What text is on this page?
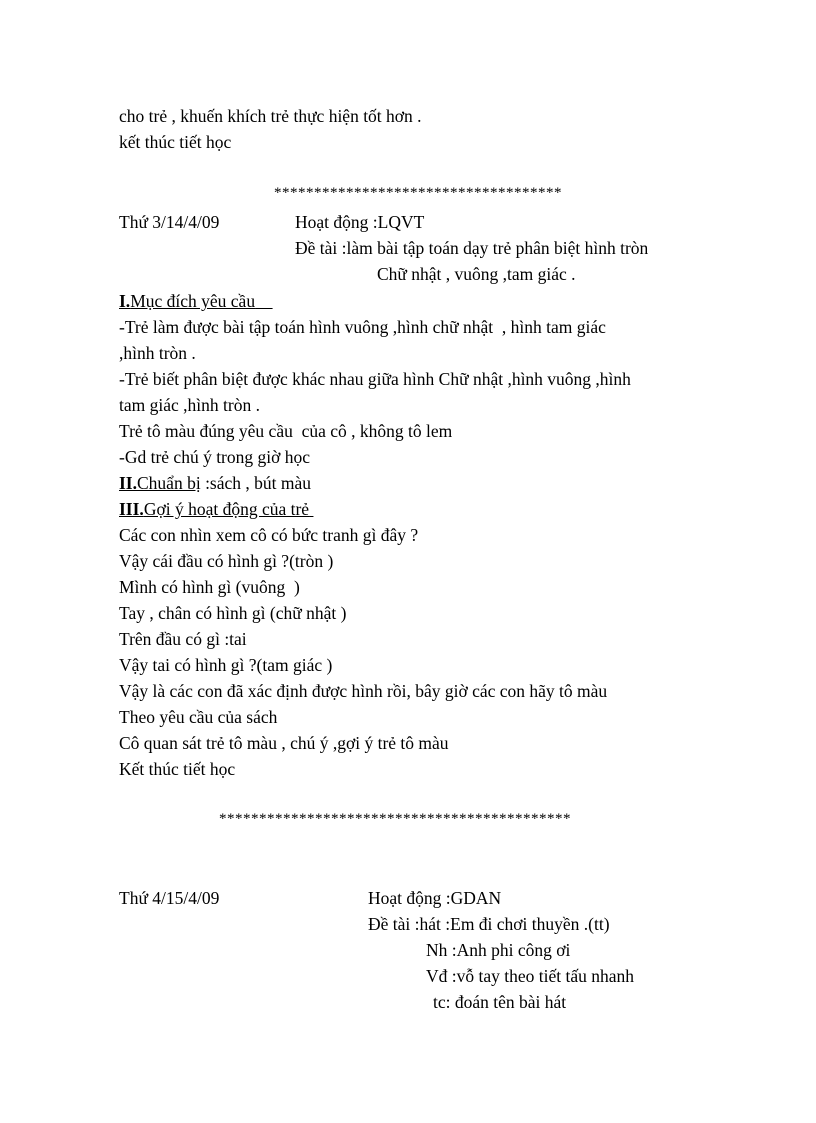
cho trẻ , khuến khích trẻ thực hiện tốt hơn .
kết thúc tiết học
************************************
Thứ 3/14/4/09	Hoạt động :LQVT
Đề tài :làm bài tập toán dạy trẻ phân biệt hình tròn
Chữ nhật , vuông ,tam giác .
I.Mục đích yêu cầu
-Trẻ làm được bài tập toán hình vuông ,hình chữ nhật  , hình tam giác
,hình tròn .
-Trẻ biết phân biệt được khác nhau giữa hình Chữ nhật ,hình vuông ,hình
tam giác ,hình tròn .
Trẻ tô màu đúng yêu cầu  của cô , không tô lem
-Gd trẻ chú ý trong giờ học
II.Chuẩn bị :sách , bút màu
III.Gợi ý hoạt động của trẻ
Các con nhìn xem cô có bức tranh gì đây ?
Vậy cái đầu có hình gì ?(tròn )
Mình có hình gì (vuông  )
Tay , chân có hình gì (chữ nhật )
Trên đầu có gì :tai
Vậy tai có hình gì ?(tam giác )
Vậy là các con đã xác định được hình rồi, bây giờ các con hãy tô màu
Theo yêu cầu của sách
Cô quan sát trẻ tô màu , chú ý ,gợi ý trẻ tô màu
Kết thúc tiết học
********************************************
Thứ 4/15/4/09	Hoạt động :GDAN
Đề tài :hát :Em đi chơi thuyền .(tt)
Nh :Anh phi công ơi
Vđ :vỗ tay theo tiết tấu nhanh
tc: đoán tên bài hát
